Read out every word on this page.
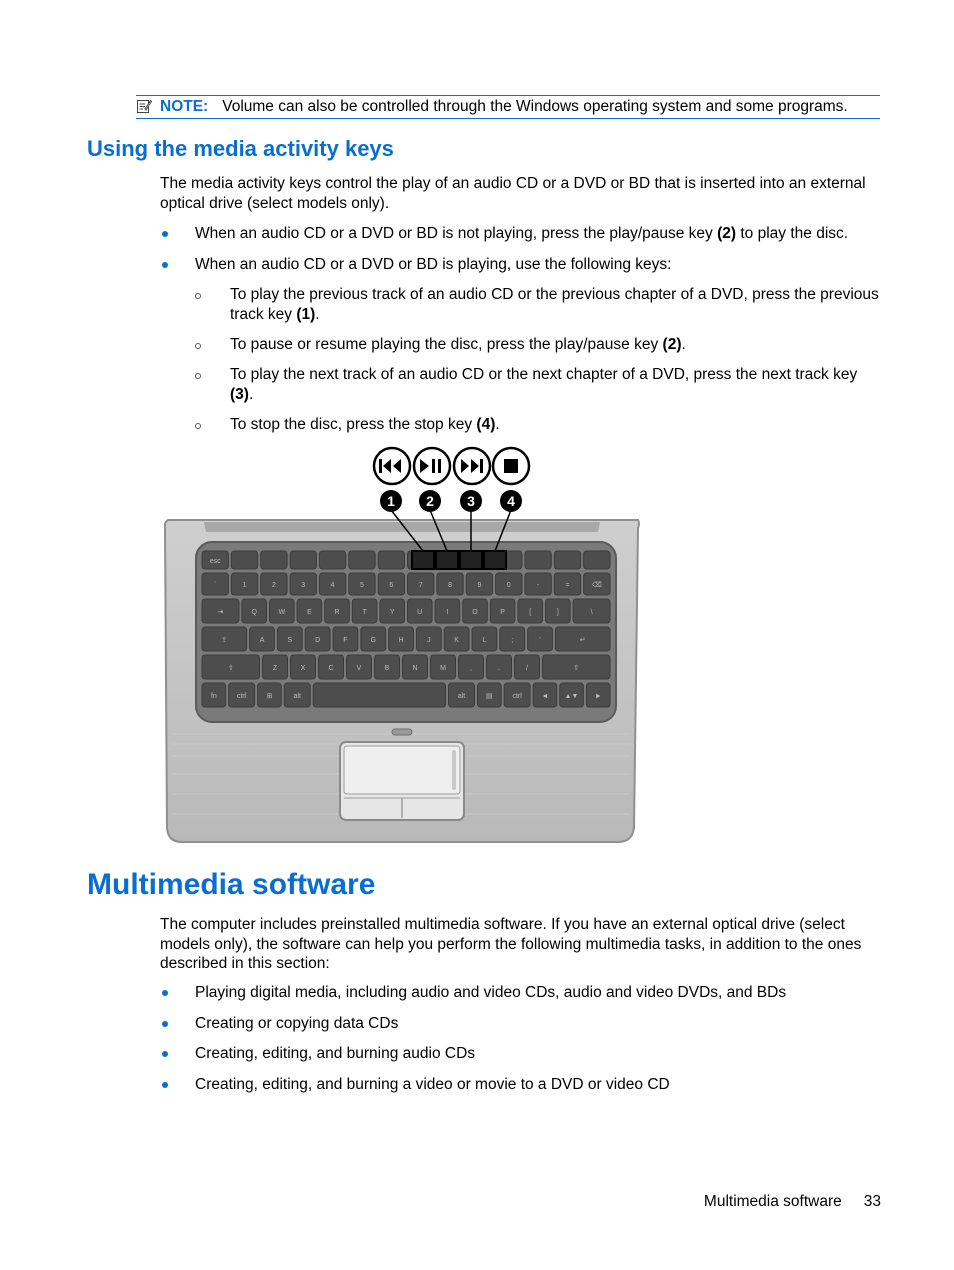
NOTE: Volume can also be controlled through the Windows operating system and some programs.
Using the media activity keys

The media activity keys control the play of an audio CD or a DVD or BD that is inserted into an external optical drive (select models only).

When an audio CD or a DVD or BD is not playing, press the play/pause key (2) to play the disc.
When an audio CD or a DVD or BD is playing, use the following keys:
To play the previous track of an audio CD or the previous chapter of a DVD, press the previous track key (1).
To pause or resume playing the disc, press the play/pause key (2).
To play the next track of an audio CD or the next chapter of a DVD, press the next track key (3).
To stop the disc, press the stop key (4).
esc
`	1	2	3	4	5	6	7	8	9	0	-	=	⌫
⇥	Q	W	E	R	T	Y	U	I	O	P	[	]	\
⇪	A	S	D	F	G	H	J	K	L	;	'	↵
⇧	Z	X	C	V	B	N	M	,	.	/	⇧
fn	ctrl	⊞	alt	alt	▤	ctrl	◄ ▲▼ ►
1 2 3 4
Multimedia software

The computer includes preinstalled multimedia software. If you have an external optical drive (select models only), the software can help you perform the following multimedia tasks, in addition to the ones described in this section:

Playing digital media, including audio and video CDs, audio and video DVDs, and BDs
Creating or copying data CDs
Creating, editing, and burning audio CDs
Creating, editing, and burning a video or movie to a DVD or video CD
Multimedia software 33
